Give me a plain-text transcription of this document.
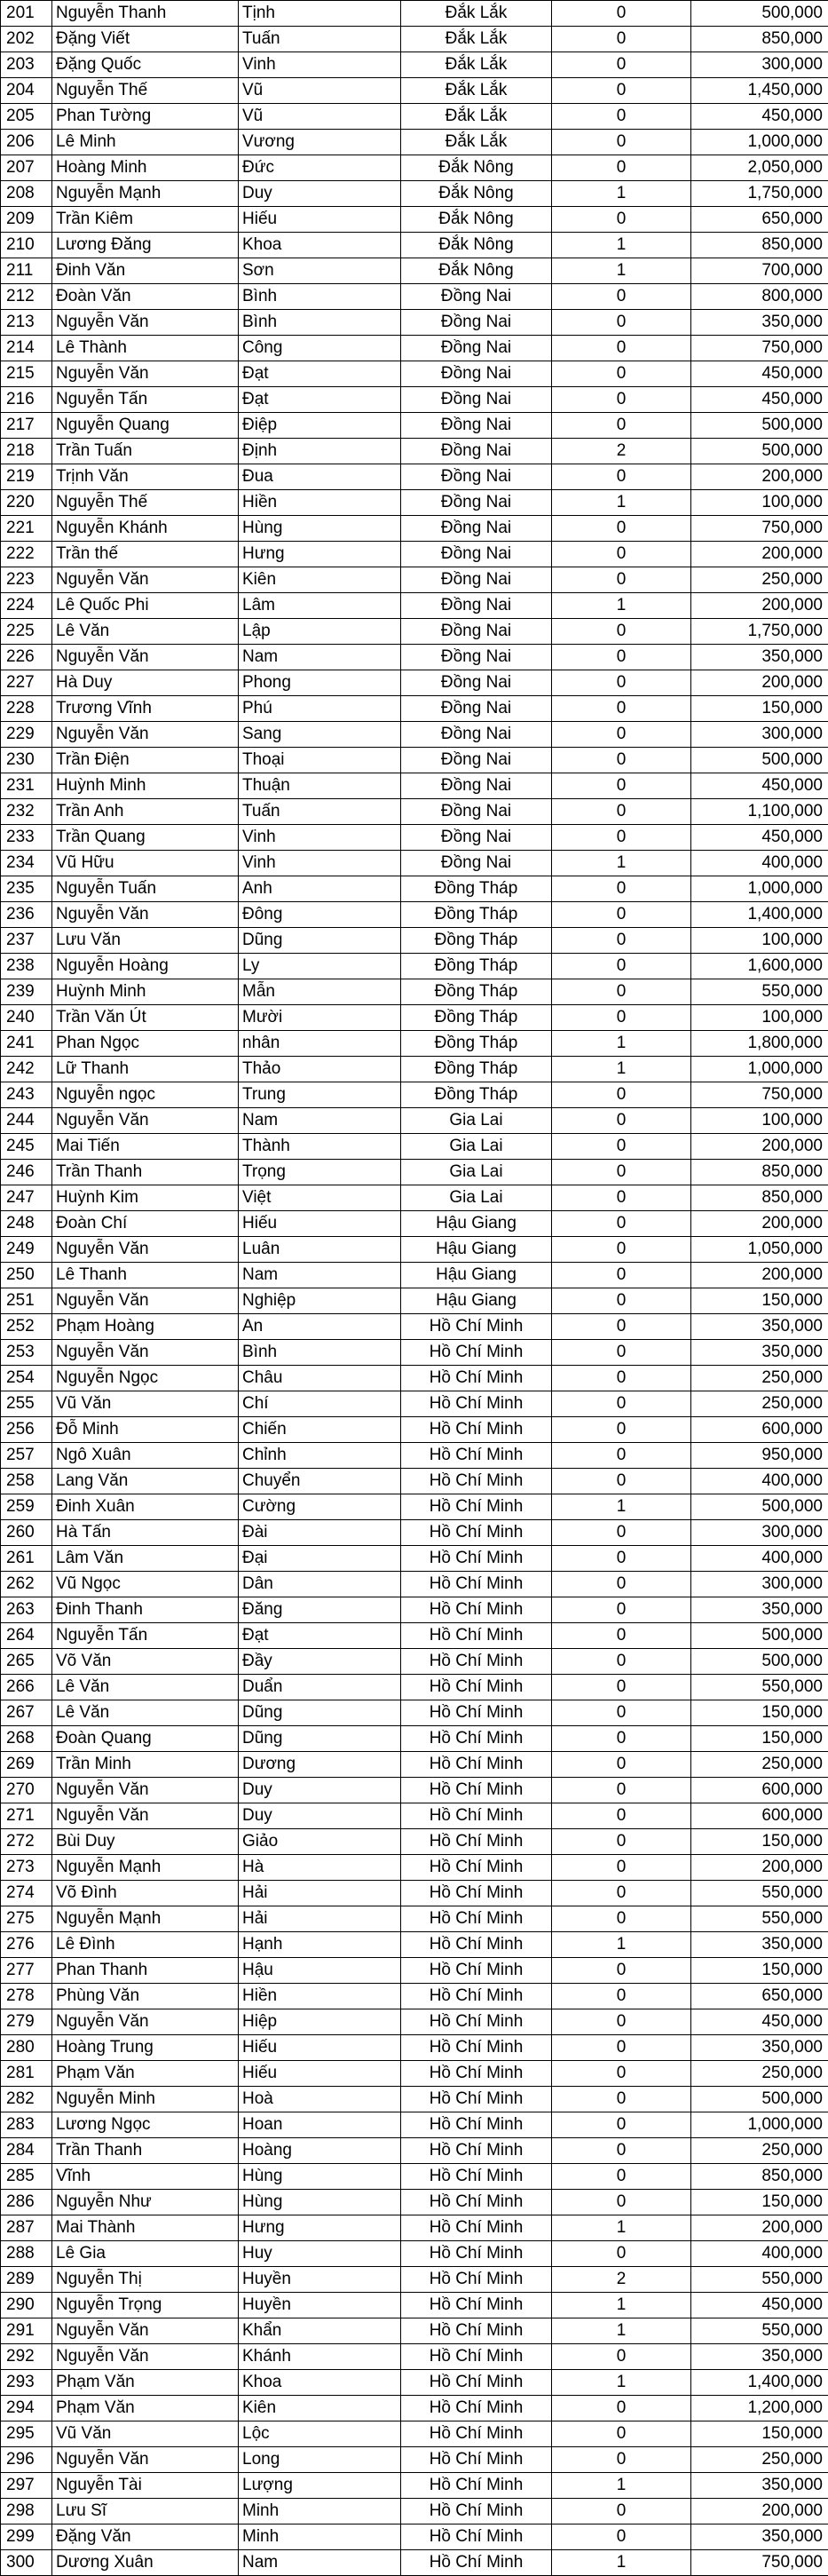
201	Nguyễn Thanh	Tịnh	Đắk Lắk	0	500,000
202	Đặng Viết	Tuấn	Đắk Lắk	0	850,000
203	Đặng Quốc	Vinh	Đắk Lắk	0	300,000
204	Nguyễn Thế	Vũ	Đắk Lắk	0	1,450,000
205	Phan Tường	Vũ	Đắk Lắk	0	450,000
206	Lê Minh	Vương	Đắk Lắk	0	1,000,000
207	Hoàng Minh	Đức	Đắk Nông	0	2,050,000
208	Nguyễn Mạnh	Duy	Đắk Nông	1	1,750,000
209	Trần Kiêm	Hiếu	Đắk Nông	0	650,000
210	Lương Đăng	Khoa	Đắk Nông	1	850,000
211	Đinh Văn	Sơn	Đắk Nông	1	700,000
212	Đoàn Văn	Bình	Đồng Nai	0	800,000
213	Nguyễn Văn	Bình	Đồng Nai	0	350,000
214	Lê Thành	Công	Đồng Nai	0	750,000
215	Nguyễn Văn	Đạt	Đồng Nai	0	450,000
216	Nguyễn Tấn	Đạt	Đồng Nai	0	450,000
217	Nguyễn Quang	Điệp	Đồng Nai	0	500,000
218	Trần Tuấn	Định	Đồng Nai	2	500,000
219	Trịnh Văn	Đua	Đồng Nai	0	200,000
220	Nguyễn Thế	Hiền	Đồng Nai	1	100,000
221	Nguyễn Khánh	Hùng	Đồng Nai	0	750,000
222	Trần thế	Hưng	Đồng Nai	0	200,000
223	Nguyễn Văn	Kiên	Đồng Nai	0	250,000
224	Lê Quốc Phi	Lâm	Đồng Nai	1	200,000
225	Lê Văn	Lập	Đồng Nai	0	1,750,000
226	Nguyễn Văn	Nam	Đồng Nai	0	350,000
227	Hà Duy	Phong	Đồng Nai	0	200,000
228	Trương Vĩnh	Phú	Đồng Nai	0	150,000
229	Nguyễn Văn	Sang	Đồng Nai	0	300,000
230	Trần Điện	Thoại	Đồng Nai	0	500,000
231	Huỳnh Minh	Thuận	Đồng Nai	0	450,000
232	Trần Anh	Tuấn	Đồng Nai	0	1,100,000
233	Trần Quang	Vinh	Đồng Nai	0	450,000
234	Vũ Hữu	Vinh	Đồng Nai	1	400,000
235	Nguyễn Tuấn	Anh	Đồng Tháp	0	1,000,000
236	Nguyễn Văn	Đông	Đồng Tháp	0	1,400,000
237	Lưu Văn	Dũng	Đồng Tháp	0	100,000
238	Nguyễn Hoàng	Ly	Đồng Tháp	0	1,600,000
239	Huỳnh Minh	Mẫn	Đồng Tháp	0	550,000
240	Trần Văn Út	Mười	Đồng Tháp	0	100,000
241	Phan Ngọc	nhân	Đồng Tháp	1	1,800,000
242	Lữ Thanh	Thảo	Đồng Tháp	1	1,000,000
243	Nguyễn ngọc	Trung	Đồng Tháp	0	750,000
244	Nguyễn Văn	Nam	Gia Lai	0	100,000
245	Mai Tiến	Thành	Gia Lai	0	200,000
246	Trần Thanh	Trọng	Gia Lai	0	850,000
247	Huỳnh Kim	Việt	Gia Lai	0	850,000
248	Đoàn Chí	Hiếu	Hậu Giang	0	200,000
249	Nguyễn Văn	Luân	Hậu Giang	0	1,050,000
250	Lê Thanh	Nam	Hậu Giang	0	200,000
251	Nguyễn Văn	Nghiệp	Hậu Giang	0	150,000
252	Phạm Hoàng	An	Hồ Chí Minh	0	350,000
253	Nguyễn Văn	Bình	Hồ Chí Minh	0	350,000
254	Nguyễn Ngọc	Châu	Hồ Chí Minh	0	250,000
255	Vũ Văn	Chí	Hồ Chí Minh	0	250,000
256	Đỗ Minh	Chiến	Hồ Chí Minh	0	600,000
257	Ngô Xuân	Chỉnh	Hồ Chí Minh	0	950,000
258	Lang Văn	Chuyển	Hồ Chí Minh	0	400,000
259	Đinh Xuân	Cường	Hồ Chí Minh	1	500,000
260	Hà Tấn	Đài	Hồ Chí Minh	0	300,000
261	Lâm Văn	Đại	Hồ Chí Minh	0	400,000
262	Vũ Ngọc	Dân	Hồ Chí Minh	0	300,000
263	Đinh Thanh	Đăng	Hồ Chí Minh	0	350,000
264	Nguyễn Tấn	Đạt	Hồ Chí Minh	0	500,000
265	Võ Văn	Đầy	Hồ Chí Minh	0	500,000
266	Lê Văn	Duẩn	Hồ Chí Minh	0	550,000
267	Lê Văn	Dũng	Hồ Chí Minh	0	150,000
268	Đoàn Quang	Dũng	Hồ Chí Minh	0	150,000
269	Trần Minh	Dương	Hồ Chí Minh	0	250,000
270	Nguyễn Văn	Duy	Hồ Chí Minh	0	600,000
271	Nguyễn Văn	Duy	Hồ Chí Minh	0	600,000
272	Bùi Duy	Giảo	Hồ Chí Minh	0	150,000
273	Nguyễn Mạnh	Hà	Hồ Chí Minh	0	200,000
274	Võ Đình	Hải	Hồ Chí Minh	0	550,000
275	Nguyễn Mạnh	Hải	Hồ Chí Minh	0	550,000
276	Lê Đình	Hạnh	Hồ Chí Minh	1	350,000
277	Phan Thanh	Hậu	Hồ Chí Minh	0	150,000
278	Phùng Văn	Hiền	Hồ Chí Minh	0	650,000
279	Nguyễn Văn	Hiệp	Hồ Chí Minh	0	450,000
280	Hoàng Trung	Hiếu	Hồ Chí Minh	0	350,000
281	Phạm Văn	Hiếu	Hồ Chí Minh	0	250,000
282	Nguyễn Minh	Hoà	Hồ Chí Minh	0	500,000
283	Lương Ngọc	Hoan	Hồ Chí Minh	0	1,000,000
284	Trần Thanh	Hoàng	Hồ Chí Minh	0	250,000
285	Vĩnh	Hùng	Hồ Chí Minh	0	850,000
286	Nguyễn Như	Hùng	Hồ Chí Minh	0	150,000
287	Mai Thành	Hưng	Hồ Chí Minh	1	200,000
288	Lê Gia	Huy	Hồ Chí Minh	0	400,000
289	Nguyễn Thị	Huyền	Hồ Chí Minh	2	550,000
290	Nguyễn Trọng	Huyền	Hồ Chí Minh	1	450,000
291	Nguyễn Văn	Khẩn	Hồ Chí Minh	1	550,000
292	Nguyễn Văn	Khánh	Hồ Chí Minh	0	350,000
293	Phạm Văn	Khoa	Hồ Chí Minh	1	1,400,000
294	Phạm Văn	Kiên	Hồ Chí Minh	0	1,200,000
295	Vũ Văn	Lộc	Hồ Chí Minh	0	150,000
296	Nguyễn Văn	Long	Hồ Chí Minh	0	250,000
297	Nguyễn Tài	Lượng	Hồ Chí Minh	1	350,000
298	Lưu Sĩ	Minh	Hồ Chí Minh	0	200,000
299	Đặng Văn	Minh	Hồ Chí Minh	0	350,000
300	Dương Xuân	Nam	Hồ Chí Minh	1	750,000
